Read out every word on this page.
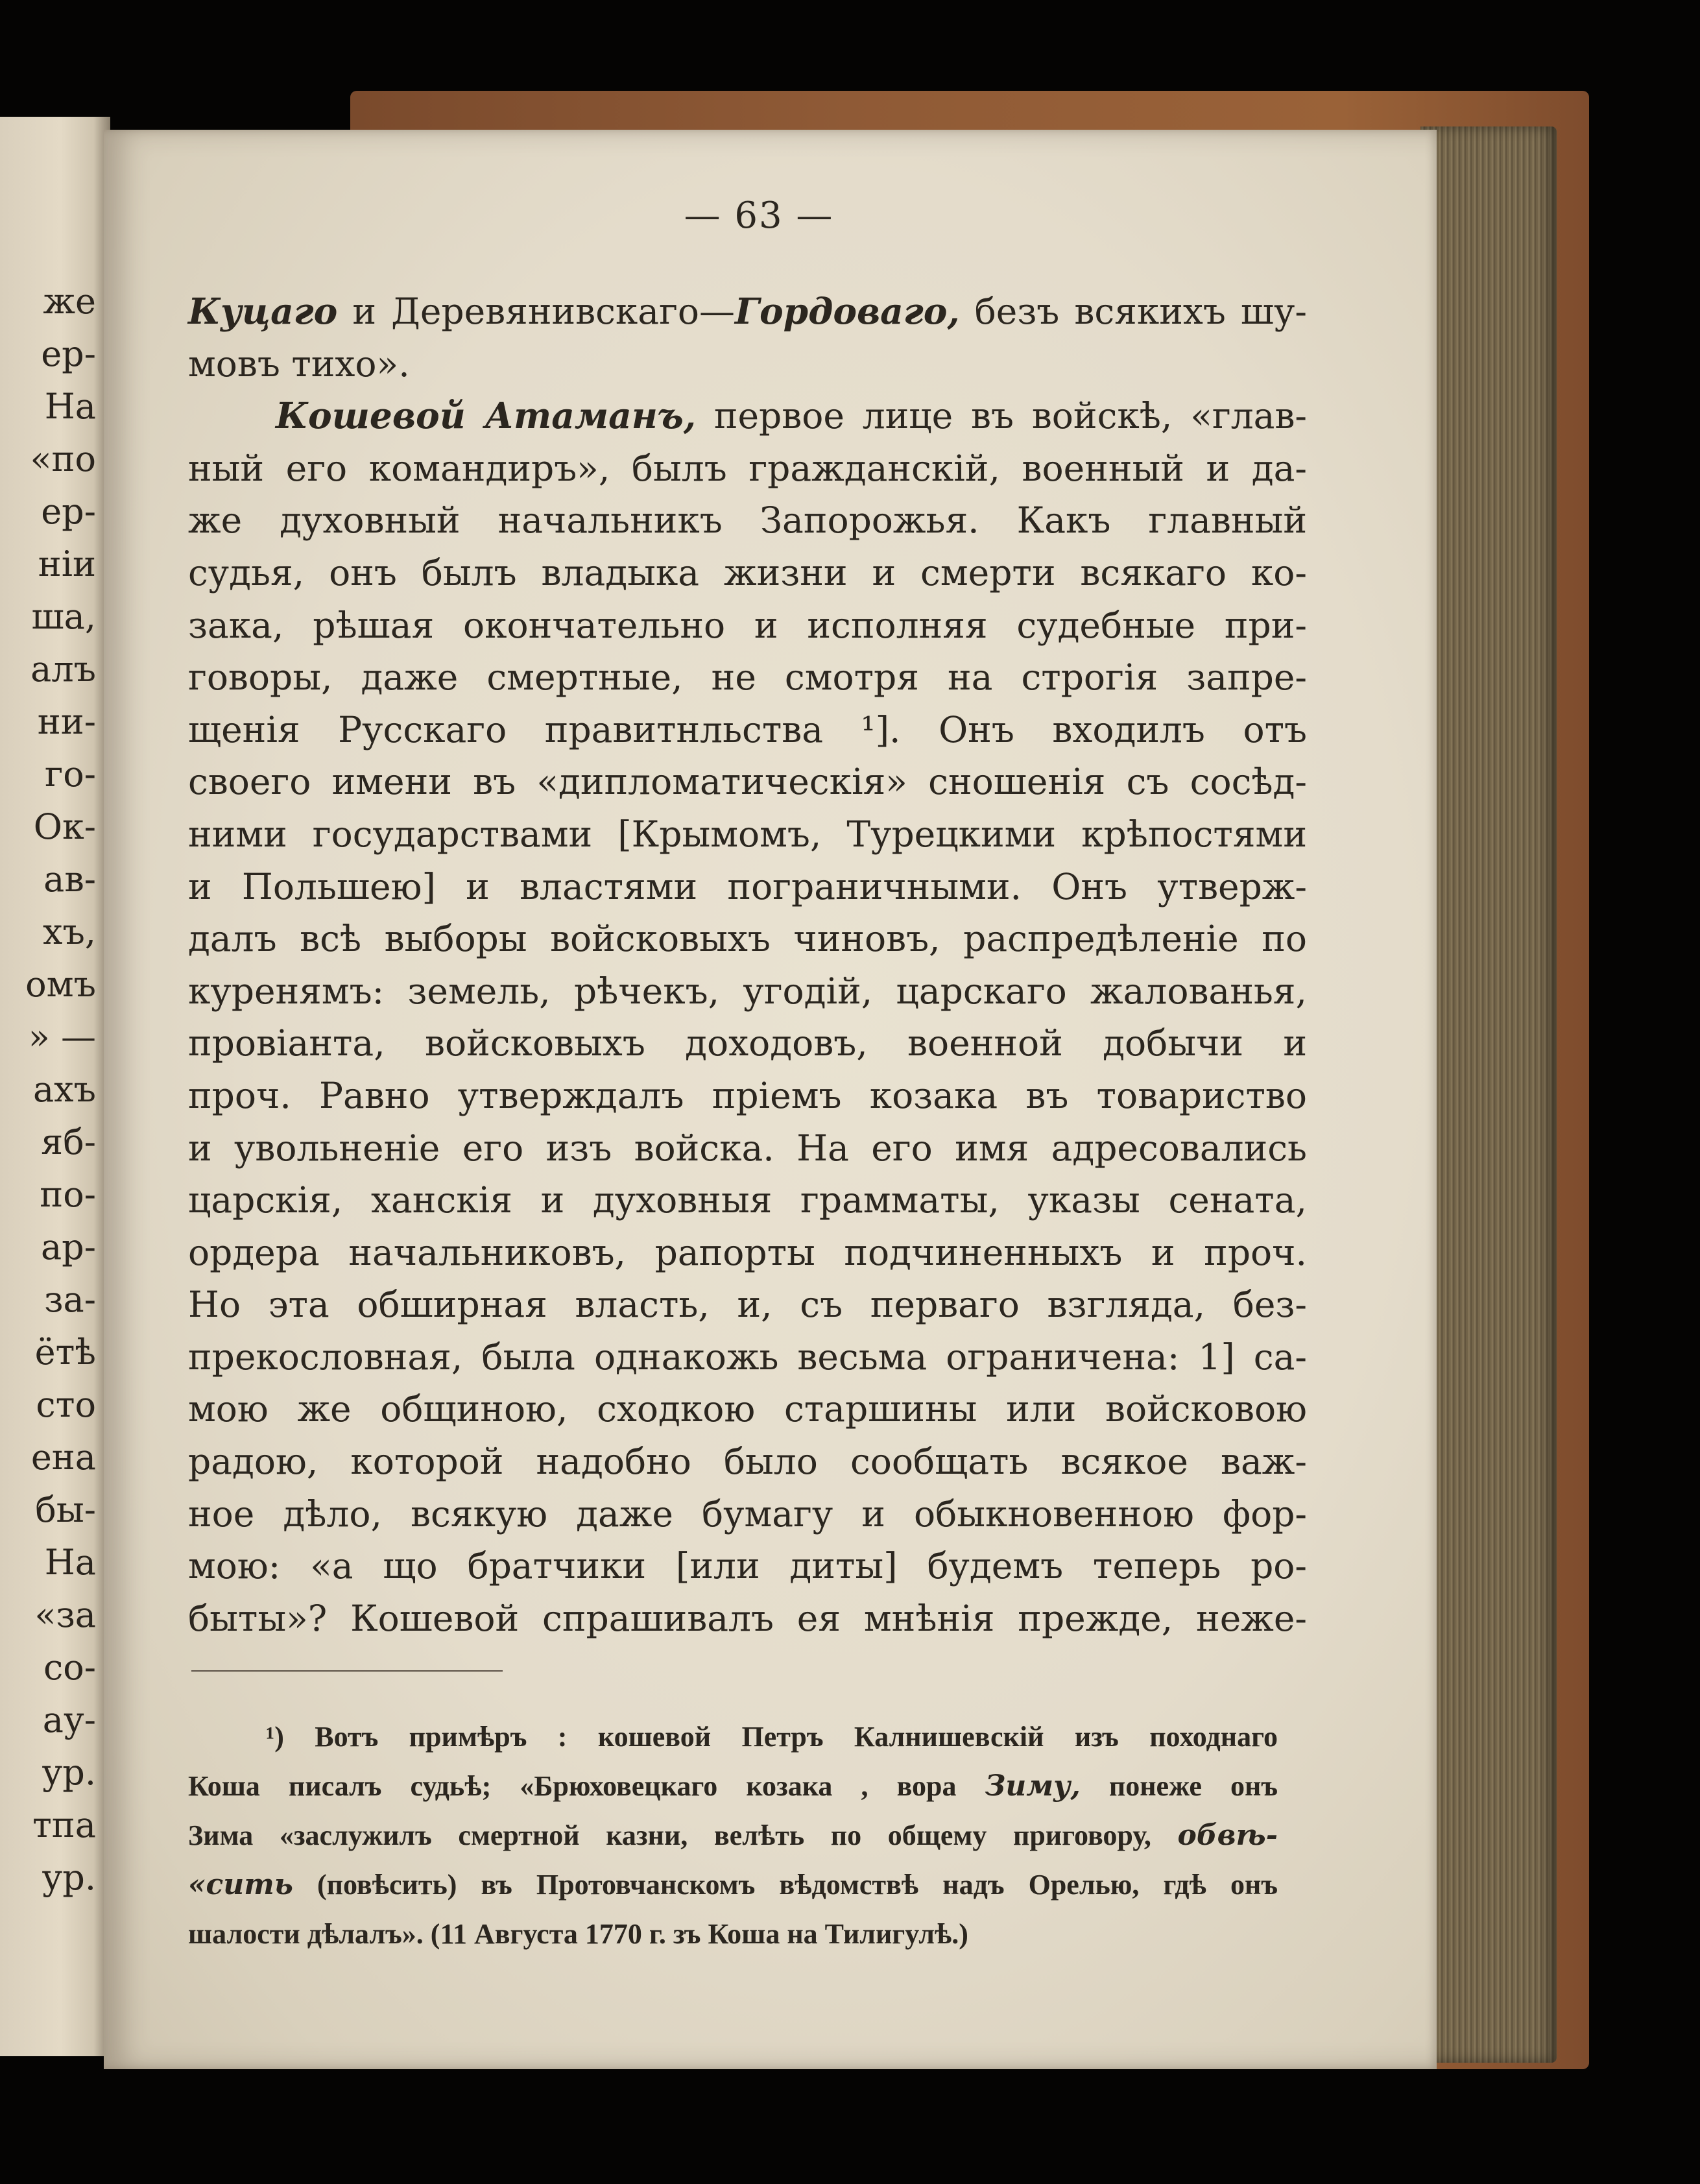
же
ер-
На
«по
ер-
ніи
ша,
алъ
ни-
го-
Ок-
ав-
хъ,
омъ
» —
ахъ
яб-
по-
ар-
за-
ётѣ
сто
ена
бы-
На
«за
со-
ау-
ур.
тпа
ур.
— 63 —
Куцаго и Деревянивскаго—Гордоваго, безъ всякихъ шу-
мовъ тихо».
Кошевой Атаманъ, первое лице въ войскѣ, «глав-
ный его командиръ», былъ гражданскій, военный и да-
же духовный начальникъ Запорожья. Какъ главный
судья, онъ былъ владыка жизни и смерти всякаго ко-
зака, рѣшая окончательно и исполняя судебные при-
говоры, даже смертные, не смотря на строгія запре-
щенія Русскаго правитнльства ¹]. Онъ входилъ отъ
своего имени въ «дипломатическія» сношенія съ сосѣд-
ними государствами [Крымомъ, Турецкими крѣпостями
и Польшею] и властями пограничными. Онъ утверж-
далъ всѣ выборы войсковыхъ чиновъ, распредѣленіе по
куренямъ: земель, рѣчекъ, угодій, царскаго жалованья,
провіанта, войсковыхъ доходовъ, военной добычи и
проч. Равно утверждалъ пріемъ козака въ товариство
и увольненіе его изъ войска. На его имя адресовались
царскія, ханскія и духовныя грамматы, указы сената,
ордера начальниковъ, рапорты подчиненныхъ и проч.
Но эта обширная власть, и, съ перваго взгляда, без-
прекословная, была однакожь весьма ограничена: 1] са-
мою же общиною, сходкою старшины или войсковою
радою, которой надобно было сообщать всякое важ-
ное дѣло, всякую даже бумагу и обыкновенною фор-
мою: «а що братчики [или диты] будемъ теперь ро-
быты»? Кошевой спрашивалъ ея мнѣнія прежде, неже-
¹) Вотъ примѣръ : кошевой Петръ Калнишевскій изъ походнаго
Коша писалъ судьѣ; «Брюховецкаго козака , вора Зиму, понеже онъ
Зима «заслужилъ смертной казни, велѣть по общему приговору, обвѣ-
«сить (повѣсить) въ Протовчанскомъ вѣдомствѣ надъ Орелью, гдѣ онъ
шалости дѣлалъ». (11 Августа 1770 г. зъ Коша на Тилигулѣ.)
